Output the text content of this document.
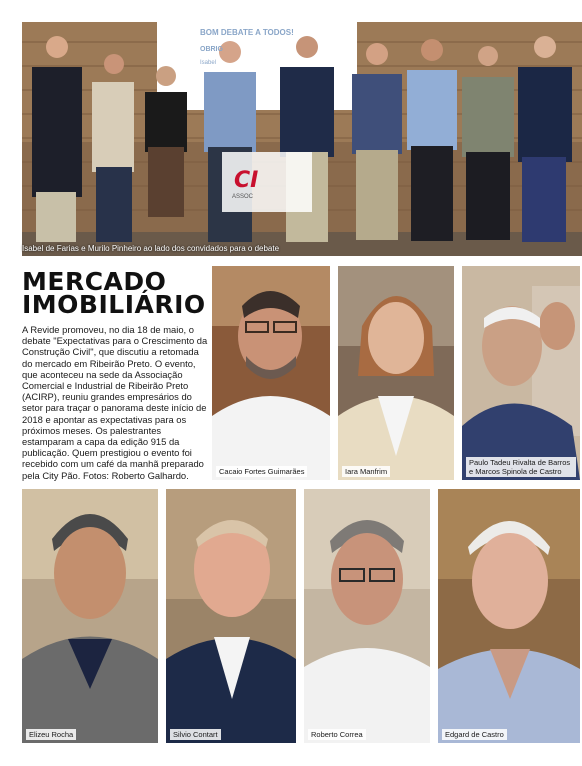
BOM DEBATE A TODOS!
OBRIG
Isabel
CI
ASSOC
Isabel de Farias e Murilo Pinheiro ao lado dos convidados para o debate
MERCADO
IMOBILIÁRIO

A Revide promoveu, no dia 18 de maio, o debate "Expectativas para o Crescimento da Construção Civil", que discutiu a retomada do mercado em Ribeirão Preto. O evento, que aconteceu na sede da Associação Comercial e Industrial de Ribeirão Preto (ACIRP), reuniu grandes empresários do setor para traçar o panorama deste início de 2018 e apontar as expectativas para os próximos meses. Os palestrantes estamparam a capa da edição 915 da publicação. Quem prestigiou o evento foi recebido com um café da manhã preparado pela City Pão. Fotos: Roberto Galhardo.	Cacaio Fortes Guimarães	Iara Manfrim
Paulo Tadeu Rivalta de Barros e Marcos Spinola de Castro
Elizeu Rocha	Silvio Contart	Roberto Correa	Edgard de Castro
